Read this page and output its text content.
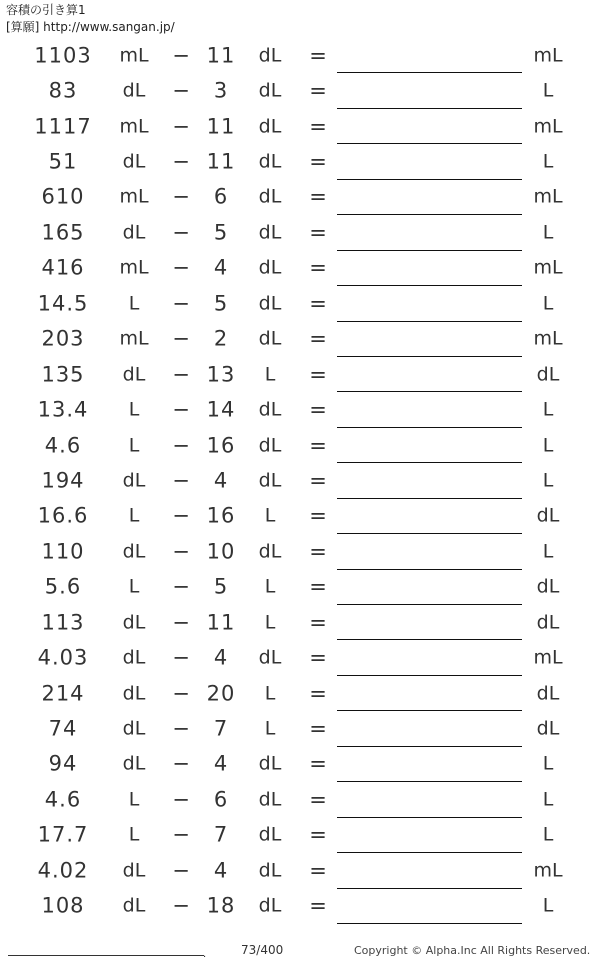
容積の引き算1
[算願] http://www.sangan.jp/
1103 mL − 11 dL =	mL
83 dL − 3 dL =	L
1117 mL − 11 dL =	mL
51 dL − 11 dL =	L
610 mL − 6 dL =	mL
165 dL − 5 dL =	L
416 mL − 4 dL =	mL
14.5 L − 5 dL =	L
203 mL − 2 dL =	mL
135 dL − 13 L =	dL
13.4 L − 14 dL =	L
4.6	L − 16 dL =	L
194 dL − 4 dL =	L
16.6 L − 16 L =	dL
110 dL − 10 dL =	L
5.6	L − 5 L =	dL
113 dL − 11 L =	dL
4.03 dL − 4 dL =	mL
214 dL − 20 L =	dL
74 dL − 7 L =	dL
94 dL − 4 dL =	L
4.6	L − 6 dL =	L
17.7 L − 7 dL =	L
4.02 dL − 4 dL =	mL
108 dL − 18 dL =	L
.	73/400	Copyright © Alpha.Inc All Rights Reserved.
